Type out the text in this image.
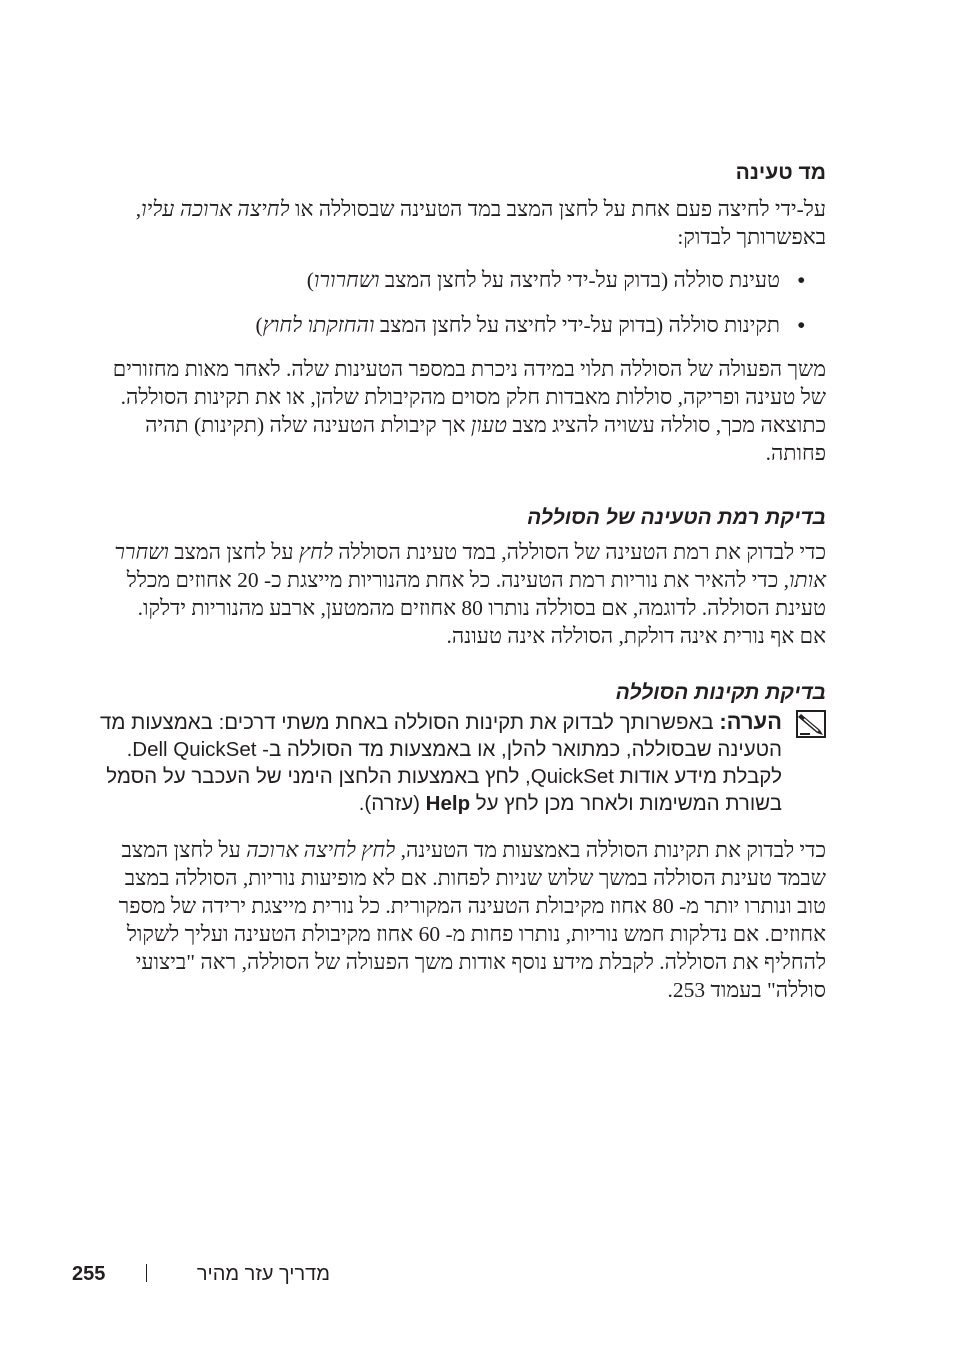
מד טעינה

על-ידי לחיצה פעם אחת על לחצן המצב במד הטעינה שבסוללה או לחיצה ארוכה עליו, באפשרותך לבדוק:

•
טעינת סוללה (בדוק על-ידי לחיצה על לחצן המצב ושחרורו)
•
תקינות סוללה (בדוק על-ידי לחיצה על לחצן המצב והחזקתו לחוץ)

משך הפעולה של הסוללה תלוי במידה ניכרת במספר הטעינות שלה. לאחר מאות מחזורים של טעינה ופריקה, סוללות מאבדות חלק מסוים מהקיבולת שלהן, או את תקינות הסוללה. כתוצאה מכך, סוללה עשויה להציג מצב טעון אך קיבולת הטעינה שלה (תקינות) תהיה פחותה.

בדיקת רמת הטעינה של הסוללה

כדי לבדוק את רמת הטעינה של הסוללה, במד טעינת הסוללה לחץ על לחצן המצב ושחרר אותו, כדי להאיר את נוריות רמת הטעינה. כל אחת מהנוריות מייצגת כ- 20 אחוזים מכלל טעינת הסוללה. לדוגמה, אם בסוללה נותרו 80 אחוזים מהמטען, ארבע מהנוריות ידלקו. אם אף נורית אינה דולקת, הסוללה אינה טעונה.

בדיקת תקינות הסוללה

הערה: באפשרותך לבדוק את תקינות הסוללה באחת משתי דרכים: באמצעות מד הטעינה שבסוללה, כמתואר להלן, או באמצעות מד הסוללה ב- Dell QuickSet. לקבלת מידע אודות QuickSet, לחץ באמצעות הלחצן הימני של העכבר על הסמל בשורת המשימות ולאחר מכן לחץ על Help (עזרה).

כדי לבדוק את תקינות הסוללה באמצעות מד הטעינה, לחץ לחיצה ארוכה על לחצן המצב שבמד טעינת הסוללה במשך שלוש שניות לפחות. אם לא מופיעות נוריות, הסוללה במצב טוב ונותרו יותר מ- 80 אחוז מקיבולת הטעינה המקורית. כל נורית מייצגת ירידה של מספר אחוזים. אם נדלקות חמש נוריות, נותרו פחות מ- 60 אחוז מקיבולת הטעינה ועליך לשקול להחליף את הסוללה. לקבלת מידע נוסף אודות משך הפעולה של הסוללה, ראה "ביצועי סוללה" בעמוד 253.

255	מדריך עזר מהיר
